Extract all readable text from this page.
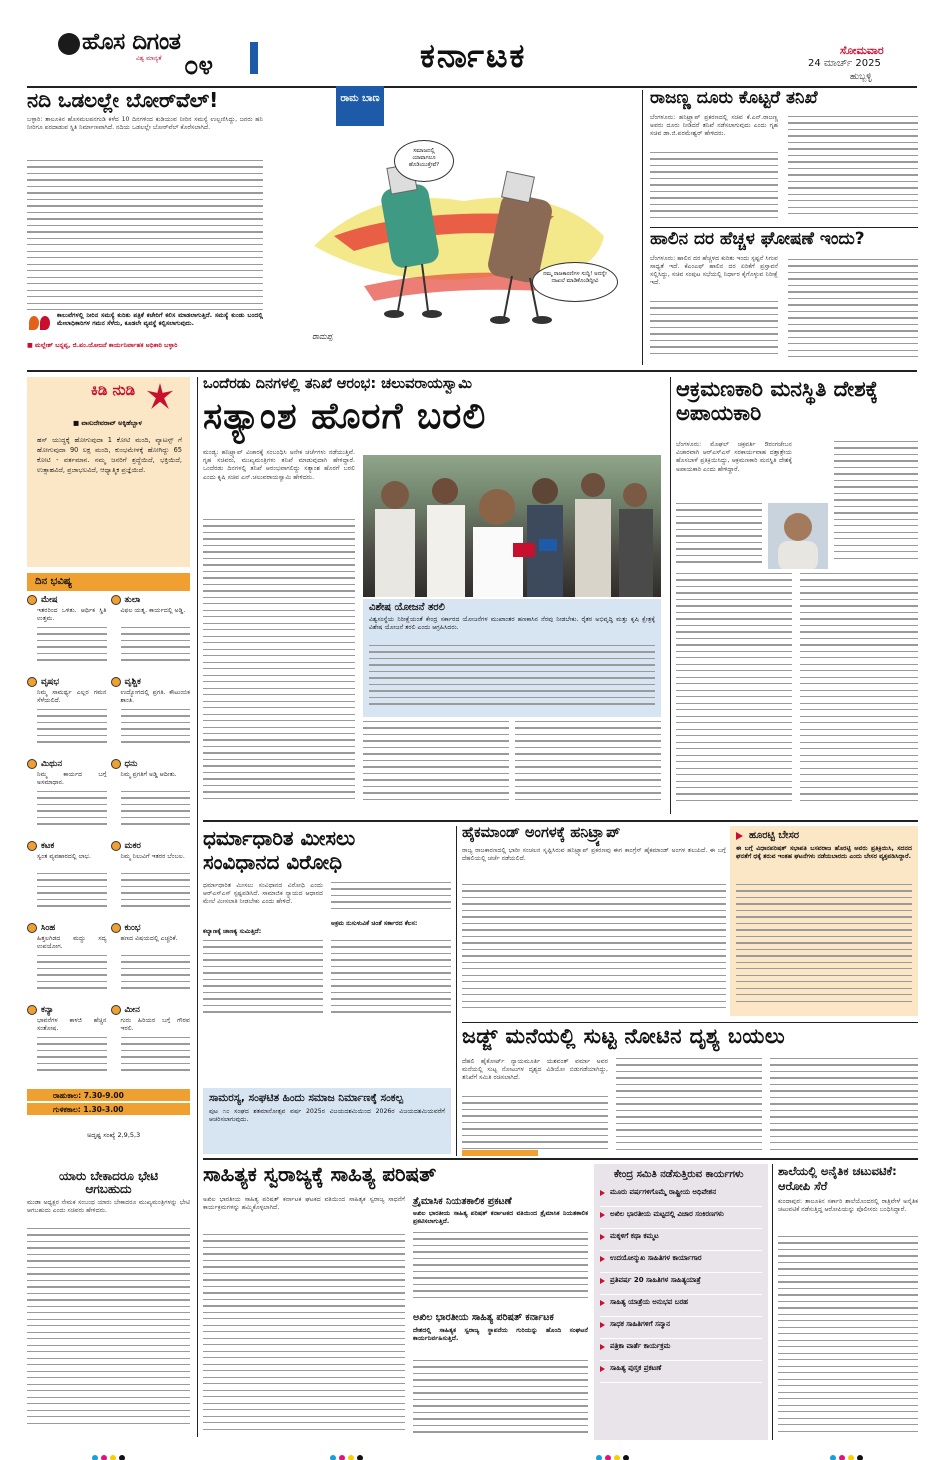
ಹೊಸ ದಿಗಂತ
ವಿಶ್ವ ಮಾನ್ಯತೆ ೦೪	ಕರ್ನಾಟಕ	ಸೋಮವಾರ
24 ಮಾರ್ಚ್ 2025
ಹುಬ್ಬಳ್ಳಿ
ನದಿ ಒಡಲಲ್ಲೇ ಬೋರ್‌ವೆಲ್!
ಬಳ್ಳಾರಿ: ತಾಲೂಕಿನ ಹೊಸಮಲಪನಗುಡಿ ಕಳೆದ 10 ದಿನಗಳಿಂದ ಕುಡಿಯುವ ನೀರಿನ ಸಮಸ್ಯೆ ಉಲ್ಬಣಿಸಿದ್ದು, ಜನರು ಹನಿ ನೀರಿಗೂ ಪರದಾಡುವ ಸ್ಥಿತಿ ನಿರ್ಮಾಣವಾಗಿದೆ. ನದಿಯ ಒಡಲಲ್ಲೇ ಬೋರ್‌ವೆಲ್ ಕೊರೆಸಲಾಗಿದೆ.
ಕಾಲುವೆಗಳಲ್ಲಿ ನೀರಿನ ಸಮಸ್ಯೆ ಕುರಿತು ಪತ್ರಿಕೆ ಕಚೇರಿಗೆ ಕಲಿಸ ಮಾಡಲಾಗುತ್ತಿದೆ. ಸಮಸ್ಯೆ ಕುಂಡು ಬಂದಲ್ಲಿ ಮೇಲಾಧಿಕಾರಿಗಳ ಗಮನ ಸೆಳೆದು, ಕೂಡಲೇ ವ್ಯವಸ್ಥೆ ಕಲ್ಪಿಸಲಾಗುವುದು.
■ ಮಲ್ಲೇಶ್ ಬನ್ನಪ್ಪ, ಜಿ.ಪಂ.ಯೋಜನೆ ಕಾರ್ಯನಿರ್ವಾಹಕ ಅಧಿಕಾರಿ ಬಳ್ಳಾರಿ
ರಾಮ ಬಾಣ
ಸಮಾಜದಲ್ಲಿ ಯಾವಾಗಲೂ ಹೊಡಿಯುತ್ತೇವೆ?
ನಮ್ಮ ರಾಜಕಾರಣಿಗಳ ಸುದ್ದಿ! ಅದನ್ನೇ ದಾಖಲೆ ಮಾಡಿಕೊಂಡಿದ್ದೀವಿ
ರಾಮಪ್ಪ
ರಾಜಣ್ಣ ದೂರು ಕೊಟ್ಟರೆ ತನಿಖೆ
ಬೆಂಗಳೂರು: ಹನಿಟ್ರ್ಯಾಪ್ ಪ್ರಕರಣದಲ್ಲಿ ಸಚಿವ ಕೆ.ಎನ್.ರಾಜಣ್ಣ ಅವರು ದೂರು ನೀಡಿದರೆ ತನಿಖೆ ನಡೆಸಲಾಗುವುದು ಎಂದು ಗೃಹ ಸಚಿವ ಡಾ.ಜಿ.ಪರಮೇಶ್ವರ್ ಹೇಳಿದರು.
ಹಾಲಿನ ದರ ಹೆಚ್ಚಳ ಘೋಷಣೆ ಇಂದು?
ಬೆಂಗಳೂರು: ಹಾಲಿನ ದರ ಹೆಚ್ಚಳದ ಕುರಿತು ಇಂದು ಸ್ಪಷ್ಟನೆ ಸಿಗುವ ಸಾಧ್ಯತೆ ಇದೆ. ಕೆಎಂಎಫ್ ಹಾಲಿನ ದರ ಏರಿಕೆಗೆ ಪ್ರಸ್ತಾವನೆ ಸಲ್ಲಿಸಿದ್ದು, ಸಚಿವ ಸಂಪುಟ ಸಭೆಯಲ್ಲಿ ನಿರ್ಧಾರ ಕೈಗೊಳ್ಳುವ ನಿರೀಕ್ಷೆ ಇದೆ.
ಕಿಡಿ ನುಡಿ
■ ವಾಸುದೇವರಾವ್ ಅಕ್ಕಿಹೆಬ್ಬಾಳ
ಹಸ್ ಯುದ್ಧಕ್ಕೆ ಹೋಗುವುದಾ 1 ಕೋಟಿ ಮಂದಿ, ವ್ಯಾಟಸ್ಸ್ ಗೆ ಹೋಗುವುದಾ 90 ಲಕ್ಷ ಮಂದಿ, ಕುಂಭಮೇಳಕ್ಕೆ ಹೋಗಿದ್ದು 65 ಕೋಟಿ - ವರ್ತಮಾನ. ನಮ್ಮ ಜನರಿಗೆ ಶ್ರದ್ಧೆಯಿದೆ, ಭಕ್ತಿಯಿದೆ, ಉತ್ಸಾಹವಿದೆ, ಪ್ರಜಾಭಲವಿದೆ, ಆಧ್ಯಾತ್ಮಿಕ ಪ್ರಜ್ಞೆಯಿದೆ.
ದಿನ ಭವಿಷ್ಯ
ಮೇಷ
ಇತರರಿಂದ ಒಳಿತು. ಆರ್ಥಿಕ ಸ್ಥಿತಿ ಉತ್ತಮ.
ತುಲಾ
ವಿಫಲ ಯತ್ನ. ಕಾರ್ಯದಲ್ಲಿ ಅಡ್ಡಿ.
ವೃಷಭ
ನಿಮ್ಮ ಸಾಮರ್ಥ್ಯ ಎಲ್ಲರ ಗಮನ ಸೆಳೆಯಲಿದೆ.
ವೃಶ್ಚಿಕ
ಉದ್ಯೋಗದಲ್ಲಿ ಪ್ರಗತಿ. ಕೌಟುಂಬಿಕ ಶಾಂತಿ.
ಮಿಥುನ
ನಿಮ್ಮ ಕಾರ್ಯದ ಬಗ್ಗೆ ಅಸಮಾಧಾನ.
ಧನು
ನಿಮ್ಮ ಪ್ರಗತಿಗೆ ಅಡ್ಡಿ ಆದೀತು.
ಕಟಕ
ಸ್ವಂತ ವ್ಯವಹಾರದಲ್ಲಿ ಲಾಭ.
ಮಕರ
ನಿಮ್ಮ ನಿಲುವಿಗೆ ಇತರರ ಬೆಂಬಲ.
ಸಿಂಹ
ಹಿತ್ತಲಗಿಡದ ಮದ್ದು ಸದ್ಯ ಉಪಯೋಗ.
ಕುಂಭ
ಹಣದ ವಿಷಯದಲ್ಲಿ ಎಚ್ಚರಿಕೆ.
ಕನ್ಯಾ
ಭಾವನೆಗಳ ಕಾಳಜಿ ಹೆಚ್ಚಿನ ಸಂತೋಷ.
ಮೀನ
ಗುರು ಹಿರಿಯರ ಬಗ್ಗೆ ಗೌರವ ಇರಲಿ.
ರಾಹುಕಾಲ: 7.30-9.00
ಗುಳಿಕಕಾಲ: 1.30-3.00
ಅದೃಷ್ಟ ಸಂಖ್ಯೆ 2,9,5,3
ಯಾರು ಬೇಕಾದರೂ ಭೇಟಿ ಆಗಬಹುದು
ಮುಡಾ ಅಧ್ಯಕ್ಷರ ನೇಮಕ ಸಂಬಂಧ ಯಾರು ಬೇಕಾದರೂ ಮುಖ್ಯಮಂತ್ರಿಗಳನ್ನು ಭೇಟಿ ಆಗಬಹುದು ಎಂದು ಸಚಿವರು ಹೇಳಿದರು.
ಒಂದೆರಡು ದಿನಗಳಲ್ಲಿ ತನಿಖೆ ಆರಂಭ: ಚಲುವರಾಯಸ್ವಾಮಿ
ಸತ್ಯಾಂಶ ಹೊರಗೆ ಬರಲಿ
ಮಂಡ್ಯ: ಹನಿಟ್ರ್ಯಾಪ್ ವಿಚಾರಕ್ಕೆ ಸಂಬಂಧಿಸಿ ಅನೇಕ ಚರ್ಚೆಗಳು ನಡೆಯುತ್ತಿವೆ. ಗೃಹ ಸಚಿವರು, ಮುಖ್ಯಮಂತ್ರಿಗಳು ತನಿಖೆ ಮಾಡುವುದಾಗಿ ಹೇಳಿದ್ದಾರೆ. ಒಂದೆರಡು ದಿನಗಳಲ್ಲಿ ತನಿಖೆ ಆರಂಭವಾಗಲಿದ್ದು ಸತ್ಯಾಂಶ ಹೊರಗೆ ಬರಲಿ ಎಂದು ಕೃಷಿ ಸಚಿವ ಎನ್.ಚಲುವರಾಯಸ್ವಾಮಿ ಹೇಳಿದರು.
ವಿಶೇಷ ಯೋಜನೆ ತರಲಿ
ವಿಶ್ವಸಂಸ್ಥೆಯ ನಿರೀಕ್ಷೆಯಂತೆ ಕೇಂದ್ರ ಸರ್ಕಾರದ ಯೋಜನೆಗಳ ಮುಖಾಂತರ ಹಣಕಾಸಿನ ನೆರವು ನೀಡಬೇಕು. ರೈತರ ಅಭಿವೃದ್ಧಿ ಮತ್ತು ಕೃಷಿ ಕ್ಷೇತ್ರಕ್ಕೆ ವಿಶೇಷ ಯೋಜನೆ ತರಲಿ ಎಂದು ಆಗ್ರಹಿಸಿದರು.
ಆಕ್ರಮಣಕಾರಿ ಮನಸ್ಥಿತಿ ದೇಶಕ್ಕೆ ಅಪಾಯಕಾರಿ
ಬೆಂಗಳೂರು: ಮೊಘಲ್ ಚಕ್ರವರ್ತಿ ಔರಂಗಜೇಬನ ವಿಚಾರವಾಗಿ ಆರ್‌ಎಸ್‌ಎಸ್ ಸರಕಾರ್ಯವಾಹ ದತ್ತಾತ್ರೇಯ ಹೊಸಬಾಳೆ ಪ್ರತಿಕ್ರಿಯಿಸಿದ್ದು, ಆಕ್ರಮಣಕಾರಿ ಮನಸ್ಥಿತಿ ದೇಶಕ್ಕೆ ಅಪಾಯಕಾರಿ ಎಂದು ಹೇಳಿದ್ದಾರೆ.
ಧರ್ಮಾಧಾರಿತ ಮೀಸಲು ಸಂವಿಧಾನದ ವಿರೋಧಿ
ಧರ್ಮಾಧಾರಿತ ಮೀಸಲು ಸಂವಿಧಾನದ ವಿರೋಧಿ ಎಂದು ಆರ್‌ಎಸ್‌ಎಸ್ ಸ್ಪಷ್ಟಪಡಿಸಿದೆ. ಸಾಮಾಜಿಕ ನ್ಯಾಯದ ಆಧಾರದ ಮೇಲೆ ಮೀಸಲಾತಿ ನೀಡಬೇಕು ಎಂದು ಹೇಳಿದೆ.
ಕಲ್ಯಾಣಕ್ಕೆ ಚಾಣಕ್ಯ ಸುಮಿತ್ತಿದೆ:
ಅಕ್ರಮ ನುಸುಳುವಿಕೆ ಚಿಂತೆ ಸರ್ಕಾರದ ಕೆಲಸ:
ಸಾಮರಸ್ಯ, ಸಂಘಟಿತ ಹಿಂದು ಸಮಾಜ ನಿರ್ಮಾಣಕ್ಕೆ ಸಂಕಲ್ಪ
ಪುಟ ೧೦ ಸಂಘದ ಶತಮಾನೋತ್ಸವ ವರ್ಷ 2025ರ ವಿಜಯದಶಮಿಯಿಂದ 2026ರ ವಿಜಯದಶಮಿಯವರೆಗೆ ಆಚರಿಸಲಾಗುವುದು.
ಹೈಕಮಾಂಡ್ ಅಂಗಳಕ್ಕೆ ಹನಿಟ್ರ್ಯಾಪ್
ರಾಜ್ಯ ರಾಜಕಾರಣದಲ್ಲಿ ಭಾರೀ ಸಂಚಲನ ಸೃಷ್ಟಿಸಿರುವ ಹನಿಟ್ರ್ಯಾಪ್ ಪ್ರಕರಣವು ಈಗ ಕಾಂಗ್ರೆಸ್ ಹೈಕಮಾಂಡ್ ಅಂಗಳ ತಲುಪಿದೆ. ಈ ಬಗ್ಗೆ ದೆಹಲಿಯಲ್ಲಿ ಚರ್ಚೆ ನಡೆಯಲಿದೆ.
ಹೂರಟ್ಟಿ ಬೇಸರ
ಈ ಬಗ್ಗೆ ವಿಧಾನಪರಿಷತ್ ಸಭಾಪತಿ ಬಸವರಾಜ ಹೊರಟ್ಟಿ ಅವರು ಪ್ರತಿಕ್ರಿಯಿಸಿ, ಸದನದ ಘನತೆಗೆ ಧಕ್ಕೆ ತರುವ ಇಂತಹ ಘಟನೆಗಳು ನಡೆಯಬಾರದು ಎಂದು ಬೇಸರ ವ್ಯಕ್ತಪಡಿಸಿದ್ದಾರೆ.
ಜಡ್ಜ್ ಮನೆಯಲ್ಲಿ ಸುಟ್ಟ ನೋಟಿನ ದೃಶ್ಯ ಬಯಲು
ದೆಹಲಿ ಹೈಕೋರ್ಟ್ ನ್ಯಾಯಮೂರ್ತಿ ಯಶವಂತ್ ವರ್ಮಾ ಅವರ ಮನೆಯಲ್ಲಿ ಸುಟ್ಟ ನೋಟುಗಳ ದೃಶ್ಯದ ವಿಡಿಯೋ ಬಿಡುಗಡೆಯಾಗಿದ್ದು, ತನಿಖೆಗೆ ಸಮಿತಿ ರಚಿಸಲಾಗಿದೆ.
ಸಾಹಿತ್ಯಕ ಸ್ವರಾಜ್ಯಕ್ಕೆ ಸಾಹಿತ್ಯ ಪರಿಷತ್
ಅಖಿಲ ಭಾರತೀಯ ಸಾಹಿತ್ಯ ಪರಿಷತ್ ಕರ್ನಾಟಕ ಘಟಕದ ವತಿಯಿಂದ ಸಾಹಿತ್ಯಕ ಸ್ವರಾಜ್ಯ ಸಾಧನೆಗೆ ಕಾರ್ಯಕ್ರಮಗಳನ್ನು ಹಮ್ಮಿಕೊಳ್ಳಲಾಗಿದೆ.
ತ್ರೈಮಾಸಿಕ ನಿಯತಕಾಲಿಕ ಪ್ರಕಟಣೆ
ಅಖಿಲ ಭಾರತೀಯ ಸಾಹಿತ್ಯ ಪರಿಷತ್ ಕರ್ನಾಟಕದ ವತಿಯಿಂದ ತ್ರೈಮಾಸಿಕ ನಿಯತಕಾಲಿಕ ಪ್ರಕಟಿಸಲಾಗುತ್ತಿದೆ.
ಅಖಿಲ ಭಾರತೀಯ ಸಾಹಿತ್ಯ ಪರಿಷತ್ ಕರ್ನಾಟಕ
ದೇಶದಲ್ಲಿ ಸಾಹಿತ್ಯಕ ಸ್ವರಾಜ್ಯ ಸ್ಥಾಪನೆಯ ಗುರಿಯನ್ನು ಹೊಂದಿ ಸಂಘಟನೆ ಕಾರ್ಯನಿರ್ವಹಿಸುತ್ತಿದೆ.
ಕೇಂದ್ರ ಸಮಿತಿ ನಡೆಸುತ್ತಿರುವ ಕಾರ್ಯಗಳು
ಮೂರು ವರ್ಷಗಳಿಗೊಮ್ಮೆ ರಾಷ್ಟ್ರೀಯ ಅಧಿವೇಶನ
ಅಖಿಲ ಭಾರತೀಯ ಮಟ್ಟದಲ್ಲಿ ವಿಚಾರ ಸಂಕಿರಣಗಳು
ಮಕ್ಕಳಿಗೆ ಕಥಾ ಕಮ್ಮಟ
ಉದಯೋನ್ಮುಖ ಸಾಹಿತಿಗಳ ಕಾರ್ಯಾಗಾರ
ಪ್ರತಿವರ್ಷ 20 ಸಾಹಿತಿಗಳ ಸಾಹಿತ್ಯಯಾತ್ರೆ
ಸಾಹಿತ್ಯ ಯಾತ್ರೆಯ ಅನುಭವ ಬರಹ
ಸಾಧಕ ಸಾಹಿತಿಗಳಿಗೆ ಸನ್ಮಾನ
ಪತ್ರಿಕಾ ವಾರ್ತೆ ಕಾರ್ಯಕ್ರಮ
ಸಾಹಿತ್ಯ ಪುಸ್ತಕ ಪ್ರಕಟಣೆ
ಶಾಲೆಯಲ್ಲಿ ಅನೈತಿಕ ಚಟುವಟಿಕೆ: ಆರೋಪಿ ಸೆರೆ
ಕುಂದಾಪುರ: ತಾಲೂಕಿನ ಸರ್ಕಾರಿ ಶಾಲೆಯೊಂದರಲ್ಲಿ ರಾತ್ರಿವೇಳೆ ಅನೈತಿಕ ಚಟುವಟಿಕೆ ನಡೆಸುತ್ತಿದ್ದ ಆರೋಪಿಯನ್ನು ಪೊಲೀಸರು ಬಂಧಿಸಿದ್ದಾರೆ.
